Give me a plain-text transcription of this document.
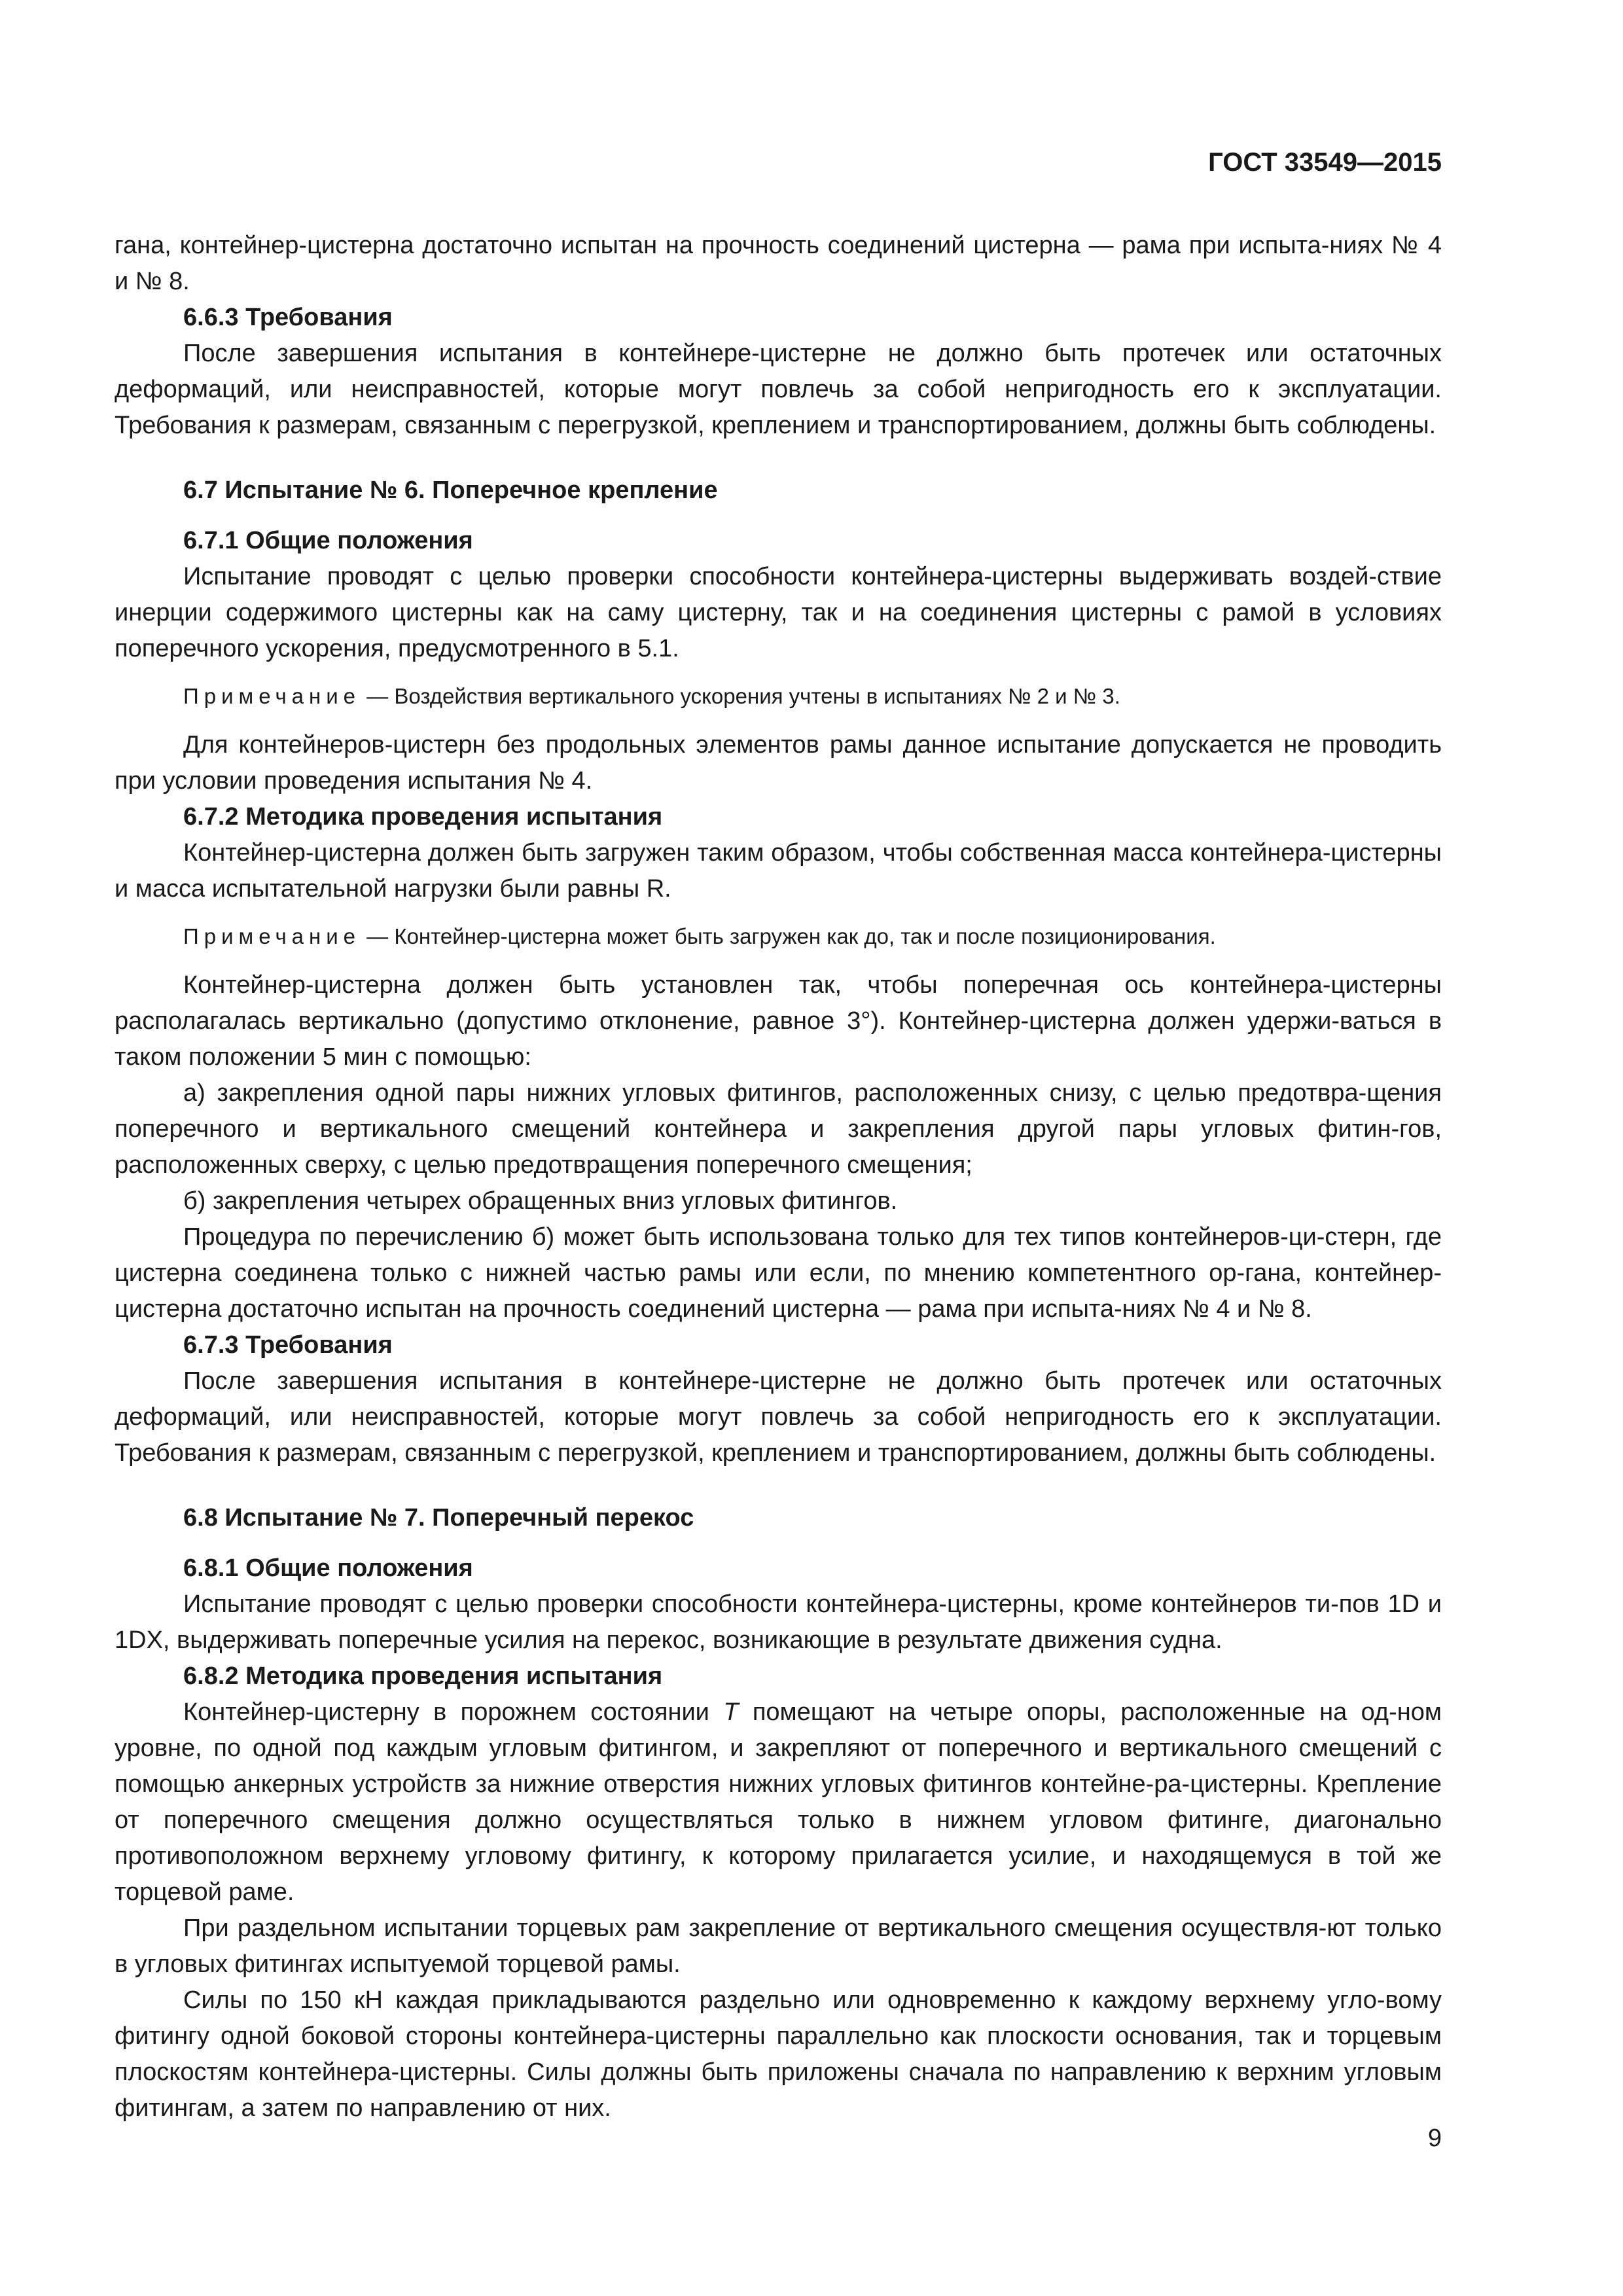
ГОСТ 33549—2015

гана, контейнер-цистерна достаточно испытан на прочность соединений цистерна — рама при испыта-ниях № 4 и № 8.

6.6.3 Требования

После завершения испытания в контейнере-цистерне не должно быть протечек или остаточных деформаций, или неисправностей, которые могут повлечь за собой непригодность его к эксплуатации. Требования к размерам, связанным с перегрузкой, креплением и транспортированием, должны быть соблюдены.

6.7 Испытание № 6. Поперечное крепление

6.7.1 Общие положения

Испытание проводят с целью проверки способности контейнера-цистерны выдерживать воздей-ствие инерции содержимого цистерны как на саму цистерну, так и на соединения цистерны с рамой в условиях поперечного ускорения, предусмотренного в 5.1.

Примечание — Воздействия вертикального ускорения учтены в испытаниях № 2 и № 3.

Для контейнеров-цистерн без продольных элементов рамы данное испытание допускается не проводить при условии проведения испытания № 4.

6.7.2 Методика проведения испытания

Контейнер-цистерна должен быть загружен таким образом, чтобы собственная масса контейнера-цистерны и масса испытательной нагрузки были равны R.

Примечание — Контейнер-цистерна может быть загружен как до, так и после позиционирования.

Контейнер-цистерна должен быть установлен так, чтобы поперечная ось контейнера-цистерны располагалась вертикально (допустимо отклонение, равное 3°). Контейнер-цистерна должен удержи-ваться в таком положении 5 мин с помощью:

а) закрепления одной пары нижних угловых фитингов, расположенных снизу, с целью предотвра-щения поперечного и вертикального смещений контейнера и закрепления другой пары угловых фитин-гов, расположенных сверху, с целью предотвращения поперечного смещения;

б) закрепления четырех обращенных вниз угловых фитингов.

Процедура по перечислению б) может быть использована только для тех типов контейнеров-ци-стерн, где цистерна соединена только с нижней частью рамы или если, по мнению компетентного ор-гана, контейнер-цистерна достаточно испытан на прочность соединений цистерна — рама при испыта-ниях № 4 и № 8.

6.7.3 Требования

После завершения испытания в контейнере-цистерне не должно быть протечек или остаточных деформаций, или неисправностей, которые могут повлечь за собой непригодность его к эксплуатации. Требования к размерам, связанным с перегрузкой, креплением и транспортированием, должны быть соблюдены.

6.8 Испытание № 7. Поперечный перекос

6.8.1 Общие положения

Испытание проводят с целью проверки способности контейнера-цистерны, кроме контейнеров ти-пов 1D и 1DX, выдерживать поперечные усилия на перекос, возникающие в результате движения судна.

6.8.2 Методика проведения испытания

Контейнер-цистерну в порожнем состоянии Т помещают на четыре опоры, расположенные на од-ном уровне, по одной под каждым угловым фитингом, и закрепляют от поперечного и вертикального смещений с помощью анкерных устройств за нижние отверстия нижних угловых фитингов контейне-ра-цистерны. Крепление от поперечного смещения должно осуществляться только в нижнем угловом фитинге, диагонально противоположном верхнему угловому фитингу, к которому прилагается усилие, и находящемуся в той же торцевой раме.

При раздельном испытании торцевых рам закрепление от вертикального смещения осуществля-ют только в угловых фитингах испытуемой торцевой рамы.

Силы по 150 кН каждая прикладываются раздельно или одновременно к каждому верхнему угло-вому фитингу одной боковой стороны контейнера-цистерны параллельно как плоскости основания, так и торцевым плоскостям контейнера-цистерны. Силы должны быть приложены сначала по направлению к верхним угловым фитингам, а затем по направлению от них.

9
